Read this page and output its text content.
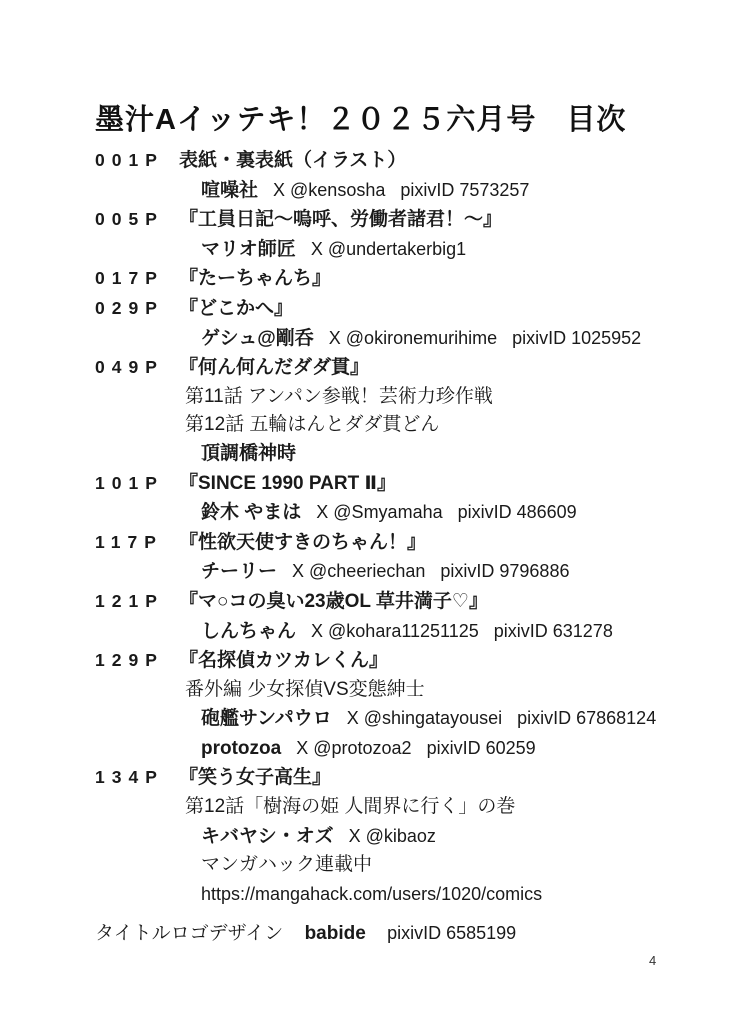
墨汁Aイッテキ！２０２５六月号　目次
001P 表紙・裏表紙（イラスト）
喧噪社 X @kensosha pixivID 7573257
005P 『工員日記～嗚呼、労働者諸君！～』
マリオ師匠 X @undertakerbig1
017P 『たーちゃんち』
029P 『どこかへ』
ゲシュ@剛呑 X @okironemurihime pixivID 1025952
049P 『何ん何んだダダ貫』
第11話 アンパン参戦！芸術力珍作戦
第12話 五輪はんとダダ貫どん
頂調橋神時
101P 『SINCE 1990 PART Ⅱ』
鈴木 やまは X @Smyamaha pixivID 486609
117P 『性欲天使すきのちゃん！』
チーリー X @cheeriechan pixivID 9796886
121P 『マ○コの臭い23歳OL 草井満子♡』
しんちゃん X @kohara11251125 pixivID 631278
129P 『名探偵カツカレくん』
番外編 少女探偵VS変態紳士
砲艦サンパウロ X @shingatayousei pixivID 67868124
protozoa X @protozoa2 pixivID 60259
134P 『笑う女子高生』
第12話「樹海の姫 人間界に行く」の巻
キバヤシ・オズ X @kibaoz
マンガハック連載中
https://mangahack.com/users/1020/comics
タイトルロゴデザイン babide pixivID 6585199
4
